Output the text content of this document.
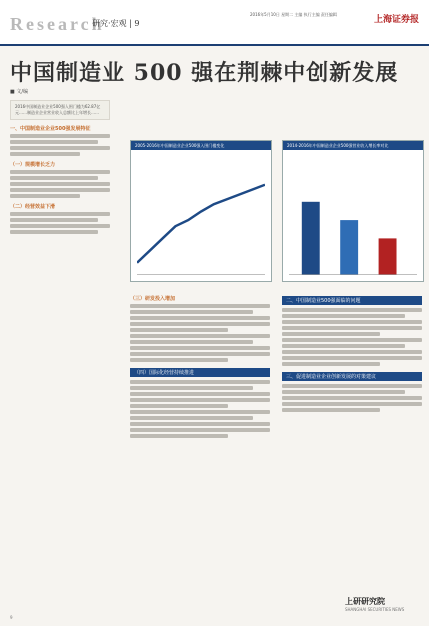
Research
研究·宏观 | 9
2016年5月10日 星期二 主编 执行主编 责任编辑
上海证券报
中国制造业 500 强在荆棘中创新发展
■ 文/编
2016中国制造业企业500强入围门槛为62.87亿元……制造业企业营业收入总额比上年增长……
一、中国制造业企业500强发展特征
（一）规模增长乏力
（二）经营效益下滑
2005-2016年中国制造业企业500强入围门槛变化	2014-2016年中国制造业企业500强营业收入增长率对比
（三）研发投入增加
（四）国际化经营持续推进
二、中国制造业500强面临的问题
三、促进制造业企业创新发展的对策建议
9
上研研究院
SHANGHAI SECURITIES NEWS
